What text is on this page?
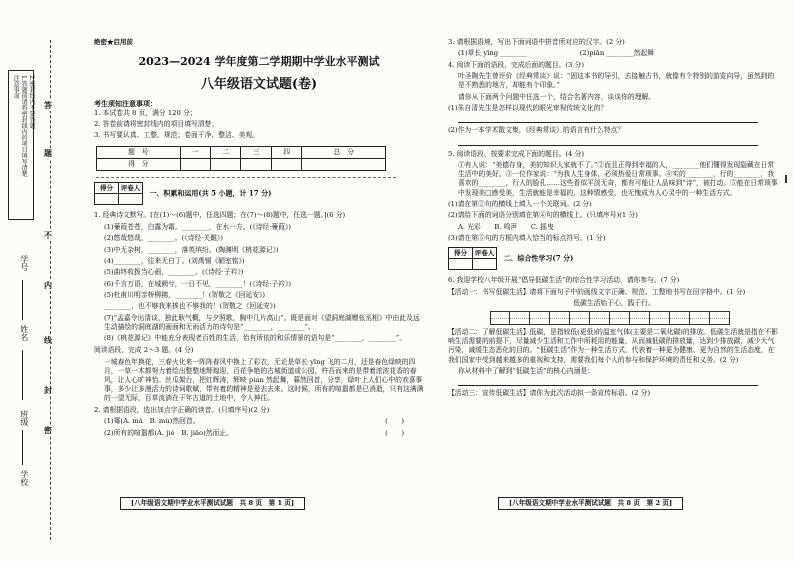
注意事项 1.答题前请将密封线内的项目填写清楚 2.密封线内不要答题 答
题
不
内
线
封
密
学号
姓名
班级
学校
绝密★启用前
2023—2024 学年度第二学期期中学业水平测试
八年级语文试题(卷)
考生须知注意事项：

1. 本试卷共 8 页，满分 120 分；

2. 答卷前请将密封线内的项目填写清楚；

3. 书写要认真、工整、规范；卷面干净、整洁、美观。

题　号	一	二	三	四	总　分
得　分					
得分	评卷人
	一、积累和运用(共 5 小题，计 17 分)

1. 经典诗文默写。[在(1)～(6)题中，任选四题；在(7)～(8)题中，任选一题。](6 分)

(1)蒹葭苍苍，白露为霜。________，在水一方。(《诗经·蒹葭》)

(2)悠哉悠哉，________。(《诗经·关雎》)

(3)中无杂树，________，落英缤纷。(陶渊明《桃花源记》)

(4)________，往来无白丁。(刘禹锡《陋室铭》)

(5)曲终收拨当心画，________。(《诗经·子衿》)

(6)千言万语，在城阙兮，一日不见，________！(《诗经·子衿》)

(5)杜甫川明亲桥柳拂，________！(贺敬之《回延安》)

________，也不够我来挨也不够我的！(贺敬之《回延安》)

(7)“孟嘉令出清谈，独此耿气概，与夕照歌，胸中几片高山”。既是面对《望洞庭湖赠张丞相》中由此及远生动描绘的洞庭湖的画面和无雨活力的诗句是“________，________”。

(8)《桃花源记》中能充分表现老百姓的生活，怡有所依的和乐情景的语句是“________，________”。

阅读语段，完成 2～3 题。(4 分)

一城春色年换花，三春火化来一阵阵春风中换上了彩衣，无论是草长 yīng 飞的二月，还是春色绿映的四月，一草一木都努力着绘出整整地辉煌迎，百花争艳的古城街道或公园，杵吾而来的是带着浓浓花香的春风，让人心旷神怡。丝瓜架台，把红辉涛，辉映 pián 然起舞，暮然回首，分享，绿叶上人们心中的欢喜事事，多少让多漫活力的诗词歌赋，带有着的精神是爱去去来。这时候，所有的喧嚣都是已消逝，只有这满满的一望无际，百草流淌在干年古道的土地中，令人神往。

2. 请根据语段，选出加点字正确的读音。(只填序号)(2 分)

(1)骞(A. mà　B. mù)然回首。	(　　)

(2)所有的喧嚣都(A. jié　B. jiǎo)然而止。	(　　)

3. 请根据语境，写出下面词语中拼音所对应的汉字。(2 分)

(1)草长 yīng ________	(2)piān ________然起舞

4. 阅读下面的语段，完成后面的题目。(3 分)

叶圣陶先生曾评价《经典常谈》说：“固这本书的导引，去接触古书，就像有个特别的游览向导，虽然到的是不熟悉的地方，却能有个印象。”

请你从下面两个问题中任选一个，结合名著内容，谈谈你的理解。

(1)朱自清先生是怎样以现代的眼光审视传统文化的？

(2)作为一本学术散文集，《经典常谈》的语言有什么特点？

5. 阅读语段，按要求完成下面的题目。(4 分)

①有人说：“美德存身，美的知识人家就不了。”②而且正得到幸福的人，________他们懂得发现隐藏在日常生活中的美好。③一位作家说：“为我人生身体，必须热爱日常琐事。④实的________，行的________，我喜欢的________，行人的脸孔……这些看似平淡无奇，都有可能让人品味到“诗”，被打动。⑤能在日常琐事中发现美□感受美，生活就能是幸福的，这种情感受，也无愧成为人心灵中的一种生活方式。

(1)请在第②句的横线上填入一个关联词。(2 分)

(2)请给下面的词语分别填在第④句的横线上。(只填序号)(1 分)

A. 光彩　　B. 鸣声　　C. 摇曳

(3)请在第⑤句的方框内填入恰当的标点符号。(1 分)

得分	评卷人
	二、综合性学习(7 分)

6. 我迎学校八年级开展“倡导低碳生活”的综合性学习活动，请你参与。(7 分)

【活动一：书写低碳生活】请将下面句子中的画线文字正确、规范、工整地书写在田字格中。(1 分)

低碳生活始于心，践于行。

【活动二：了解低碳生活】低碳，是指较低(更低)的温室气体(主要是二氧化碳)的排放。低碳生活就是指在不影响生活需要的前提下，尽量减少生活和工作中所耗用的能量，从而减低碳的排放量，达到少排放碳，减少大气污染，减缓生态恶化的目的。“低碳生活”作为一种生活方式，代表着一种更为健康、更为自然的生活态度，在我们国家中受到越来越多的重视和支持，需要我们每个人的参与和保护环境的责任和义务。(2 分)

你从材料中了解到“低碳生活”的核心内涵是：

【活动三：宣传低碳生活】请你为此次活动拟一条宣传标语。(2 分)

[八年级语文期中学业水平测试试题　共 8 页　第 1 页]	[八年级语文期中学业水平测试试题　共 8 页　第 2 页]
